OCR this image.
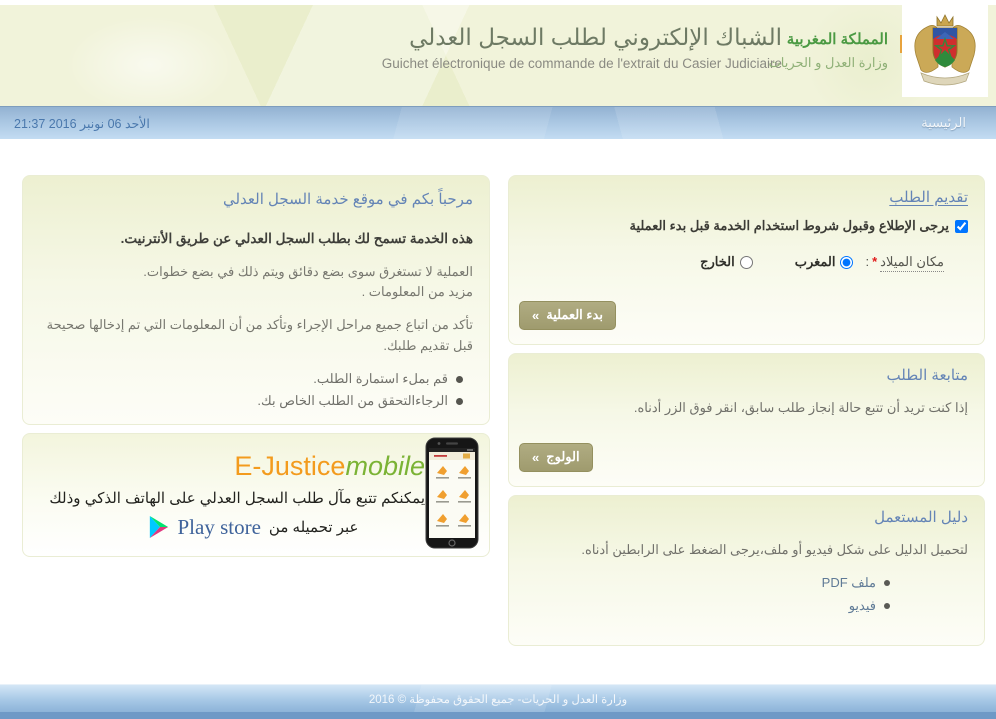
الشباك الإلكتروني لطلب السجل العدلي
Guichet électronique de commande de l'extrait du Casier Judiciaire
المملكة المغربية
وزارة العدل و الحريات
الرئيسية
الأحد 06 نونبر 2016 21:37
تقديم الطلب
يرجى الإطلاع وقبول شروط استخدام الخدمة قبل بدء العملية
مكان الميلاد*:
المغرب
الخارج
بدء العملية
«
متابعة الطلب

إذا كنت تريد أن تتبع حالة إنجاز طلب سابق، انقر فوق الزر أدناه.

الولوج
«
دليل المستعمل

لتحميل الدليل على شكل فيديو أو ملف،يرجى الضغط على الرابطين أدناه.

ملف PDF
فيديو
مرحباً بكم في موقع خدمة السجل العدلي

هذه الخدمة تسمح لك بطلب السجل العدلي عن طريق الأنترنيت.

العملية لا تستغرق سوى بضع دقائق ويتم ذلك في بضع خطوات.
مزيد من المعلومات .

تأكد من اتباع جميع مراحل الإجراء وتأكد من أن المعلومات التي تم إدخالها صحيحة قبل تقديم طلبك.

قم بملء استمارة الطلب.
الرجاءالتحقق من الطلب الخاص بك.
E-Justicemobile
يمكنكم تتبع مآل طلب السجل العدلي على الهاتف الذكي وذلك
عبر تحميله من
Play store
وزارة العدل و الحريات- جميع الحقوق محفوظة © 2016
